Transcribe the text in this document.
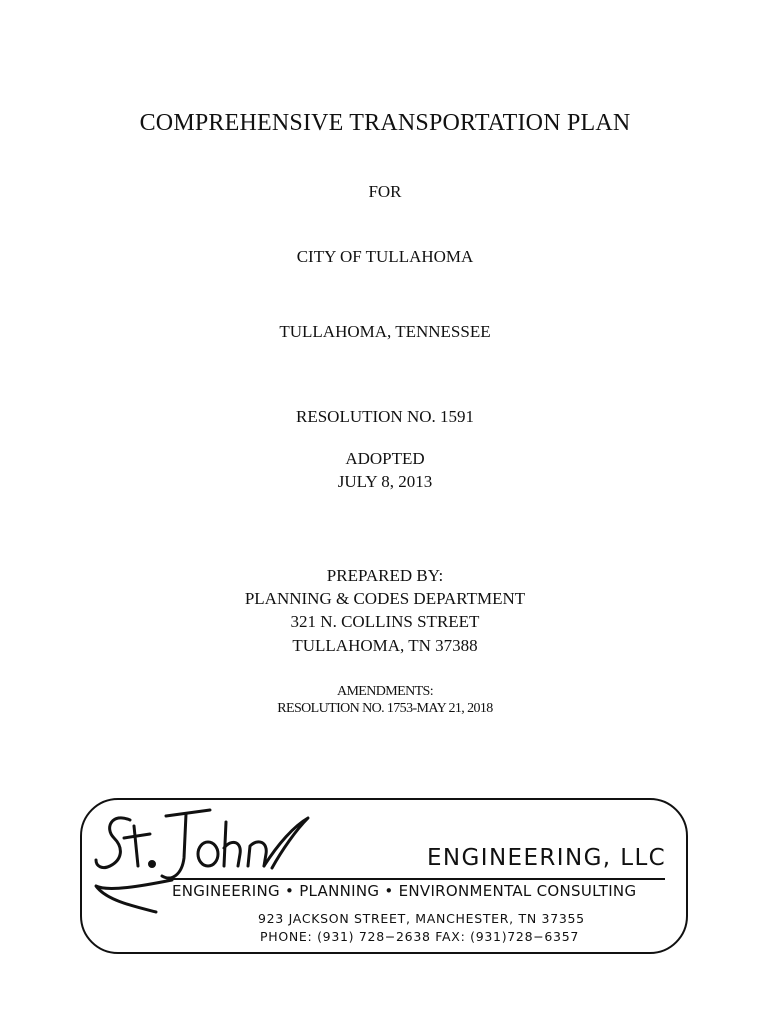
COMPREHENSIVE TRANSPORTATION PLAN
FOR
CITY OF TULLAHOMA
TULLAHOMA, TENNESSEE
RESOLUTION NO. 1591
ADOPTED
JULY 8, 2013
PREPARED BY:
PLANNING & CODES DEPARTMENT
321 N. COLLINS STREET
TULLAHOMA, TN 37388
AMENDMENTS:
RESOLUTION NO. 1753-MAY 21, 2018
ENGINEERING, LLC
ENGINEERING • PLANNING • ENVIRONMENTAL CONSULTING
923 JACKSON STREET, MANCHESTER, TN 37355
PHONE: (931) 728−2638 FAX: (931)728−6357
